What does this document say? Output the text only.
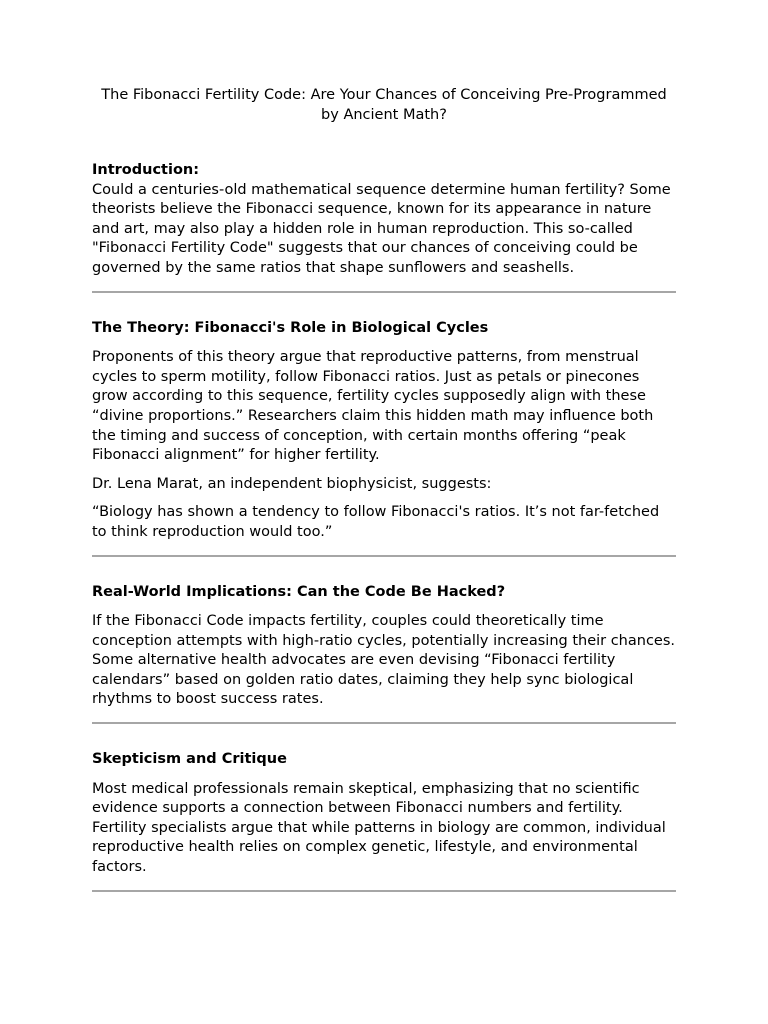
The Fibonacci Fertility Code: Are Your Chances of Conceiving Pre-Programmed by Ancient Math?
Introduction:

Could a centuries-old mathematical sequence determine human fertility? Some theorists believe the Fibonacci sequence, known for its appearance in nature and art, may also play a hidden role in human reproduction. This so-called "Fibonacci Fertility Code" suggests that our chances of conceiving could be governed by the same ratios that shape sunflowers and seashells.

The Theory: Fibonacci's Role in Biological Cycles

Proponents of this theory argue that reproductive patterns, from menstrual cycles to sperm motility, follow Fibonacci ratios. Just as petals or pinecones grow according to this sequence, fertility cycles supposedly align with these “divine proportions.” Researchers claim this hidden math may influence both the timing and success of conception, with certain months offering “peak Fibonacci alignment” for higher fertility.

Dr. Lena Marat, an independent biophysicist, suggests:

“Biology has shown a tendency to follow Fibonacci's ratios. It’s not far-fetched to think reproduction would too.”

Real-World Implications: Can the Code Be Hacked?

If the Fibonacci Code impacts fertility, couples could theoretically time conception attempts with high-ratio cycles, potentially increasing their chances. Some alternative health advocates are even devising “Fibonacci fertility calendars” based on golden ratio dates, claiming they help sync biological rhythms to boost success rates.

Skepticism and Critique

Most medical professionals remain skeptical, emphasizing that no scientific evidence supports a connection between Fibonacci numbers and fertility. Fertility specialists argue that while patterns in biology are common, individual reproductive health relies on complex genetic, lifestyle, and environmental factors.
